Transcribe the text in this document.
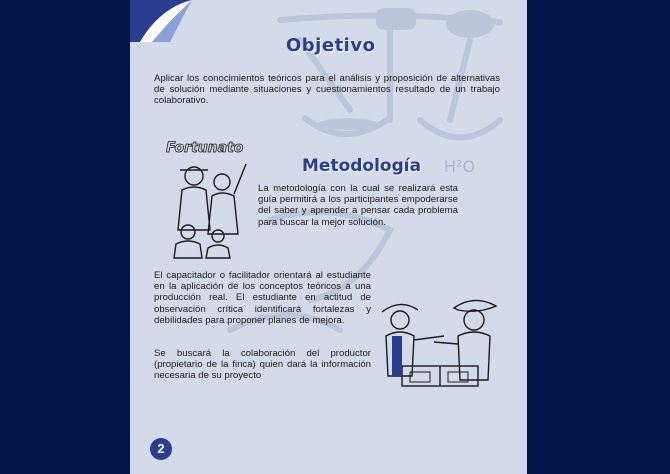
H²O
Objetivo

Aplicar los conocimientos teóricos para el análisis y proposición de alternativas de solución mediante situaciones y cuestionamientos resultado de un trabajo colaborativo.

Fortunato
Metodología

La metodología con la cual se realizará esta guía permitirá a los participantes empoderarse del saber y aprender a pensar cada problema para buscar la mejor solución.

El capacitador o facilitador orientará al estudiante en la aplicación de los conceptos teóricos a una producción real. El estudiante en actitud de observación crítica identificará fortalezas y debilidades para proponer planes de mejora.

Se buscará la colaboración del productor (propietario de la finca) quien dará la información necesaria de su proyecto

2
